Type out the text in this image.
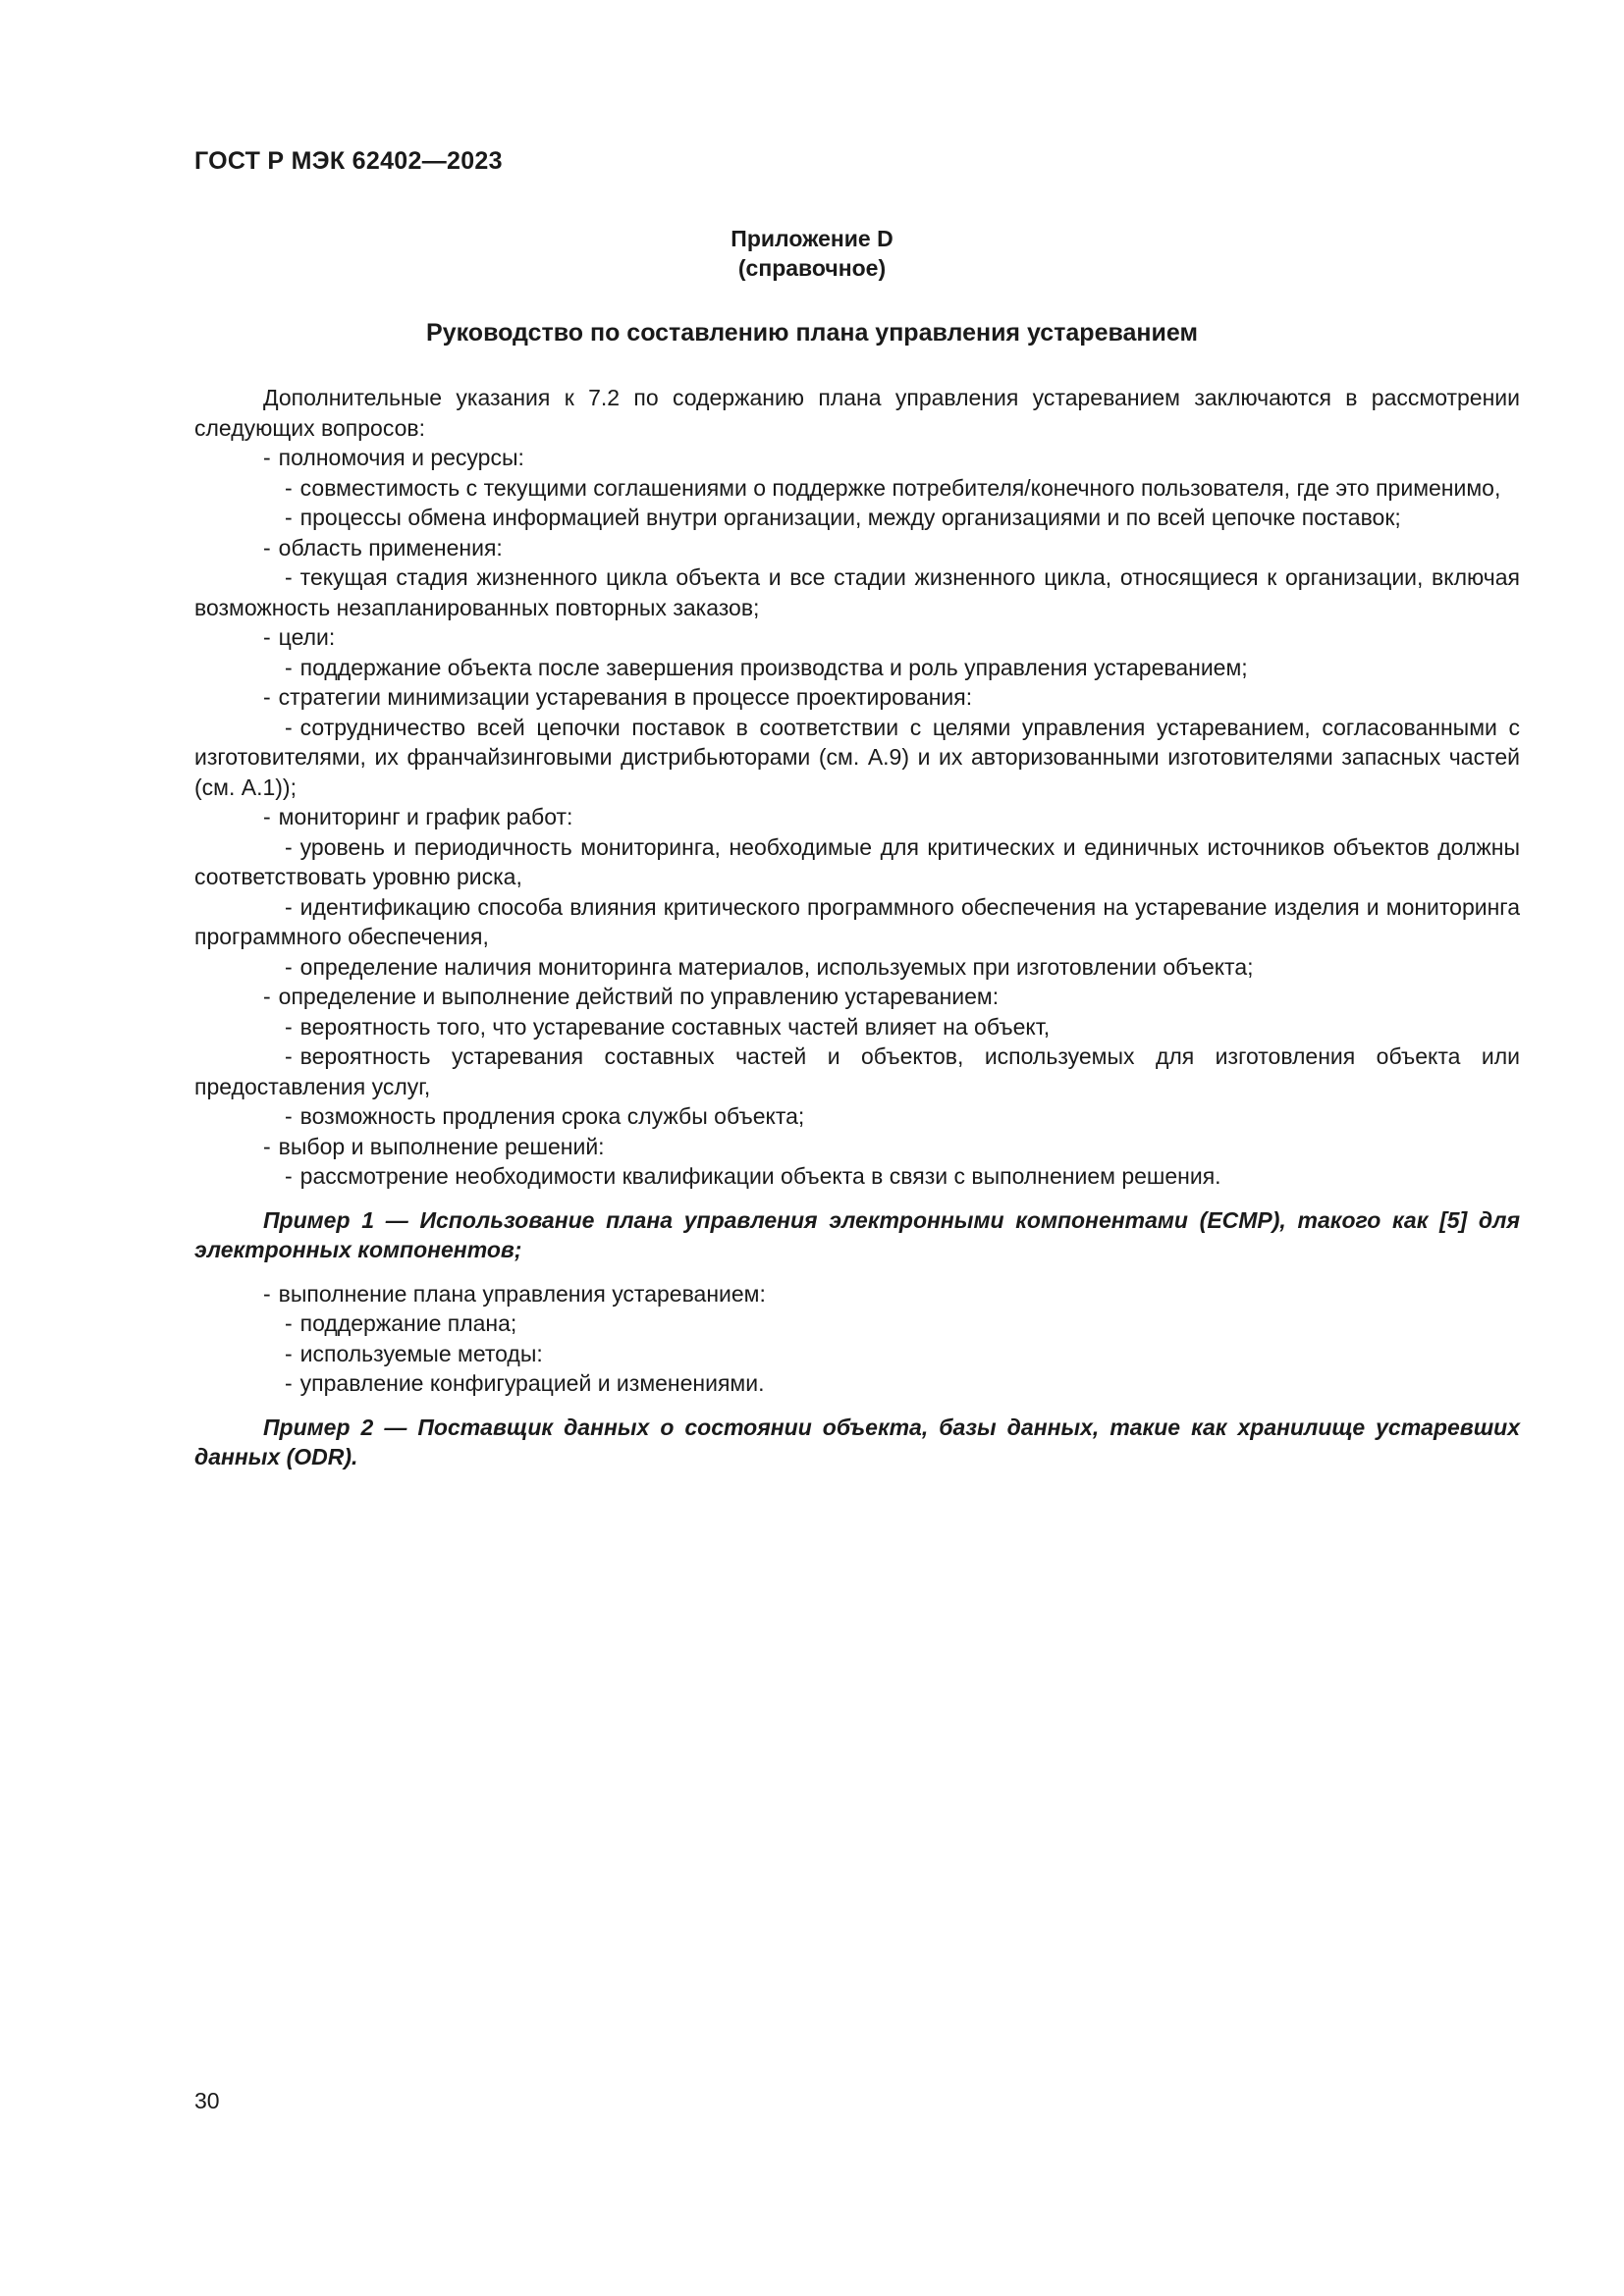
ГОСТ Р МЭК 62402—2023
Приложение D
(справочное)
Руководство по составлению плана управления устареванием

Дополнительные указания к 7.2 по содержанию плана управления устареванием заключаются в рассмотрении следующих вопросов:

- полномочия и ресурсы:

- совместимость с текущими соглашениями о поддержке потребителя/конечного пользователя, где это применимо,

- процессы обмена информацией внутри организации, между организациями и по всей цепочке поставок;

- область применения:

- текущая стадия жизненного цикла объекта и все стадии жизненного цикла, относящиеся к организации, включая возможность незапланированных повторных заказов;

- цели:

- поддержание объекта после завершения производства и роль управления устареванием;

- стратегии минимизации устаревания в процессе проектирования:

- сотрудничество всей цепочки поставок в соответствии с целями управления устареванием, согласованными с изготовителями, их франчайзинговыми дистрибьюторами (см. А.9) и их авторизованными изготовителями запасных частей (см. А.1));

- мониторинг и график работ:

- уровень и периодичность мониторинга, необходимые для критических и единичных источников объектов должны соответствовать уровню риска,

- идентификацию способа влияния критического программного обеспечения на устаревание изделия и мониторинга программного обеспечения,

- определение наличия мониторинга материалов, используемых при изготовлении объекта;

- определение и выполнение действий по управлению устареванием:

- вероятность того, что устаревание составных частей влияет на объект,

- вероятность устаревания составных частей и объектов, используемых для изготовления объекта или предоставления услуг,

- возможность продления срока службы объекта;

- выбор и выполнение решений:

- рассмотрение необходимости квалификации объекта в связи с выполнением решения.

Пример 1 — Использование плана управления электронными компонентами (ECMP), такого как [5] для электронных компонентов;

- выполнение плана управления устареванием:

- поддержание плана;

- используемые методы:

- управление конфигурацией и изменениями.

Пример 2 — Поставщик данных о состоянии объекта, базы данных, такие как хранилище устаревших данных (ODR).

30
